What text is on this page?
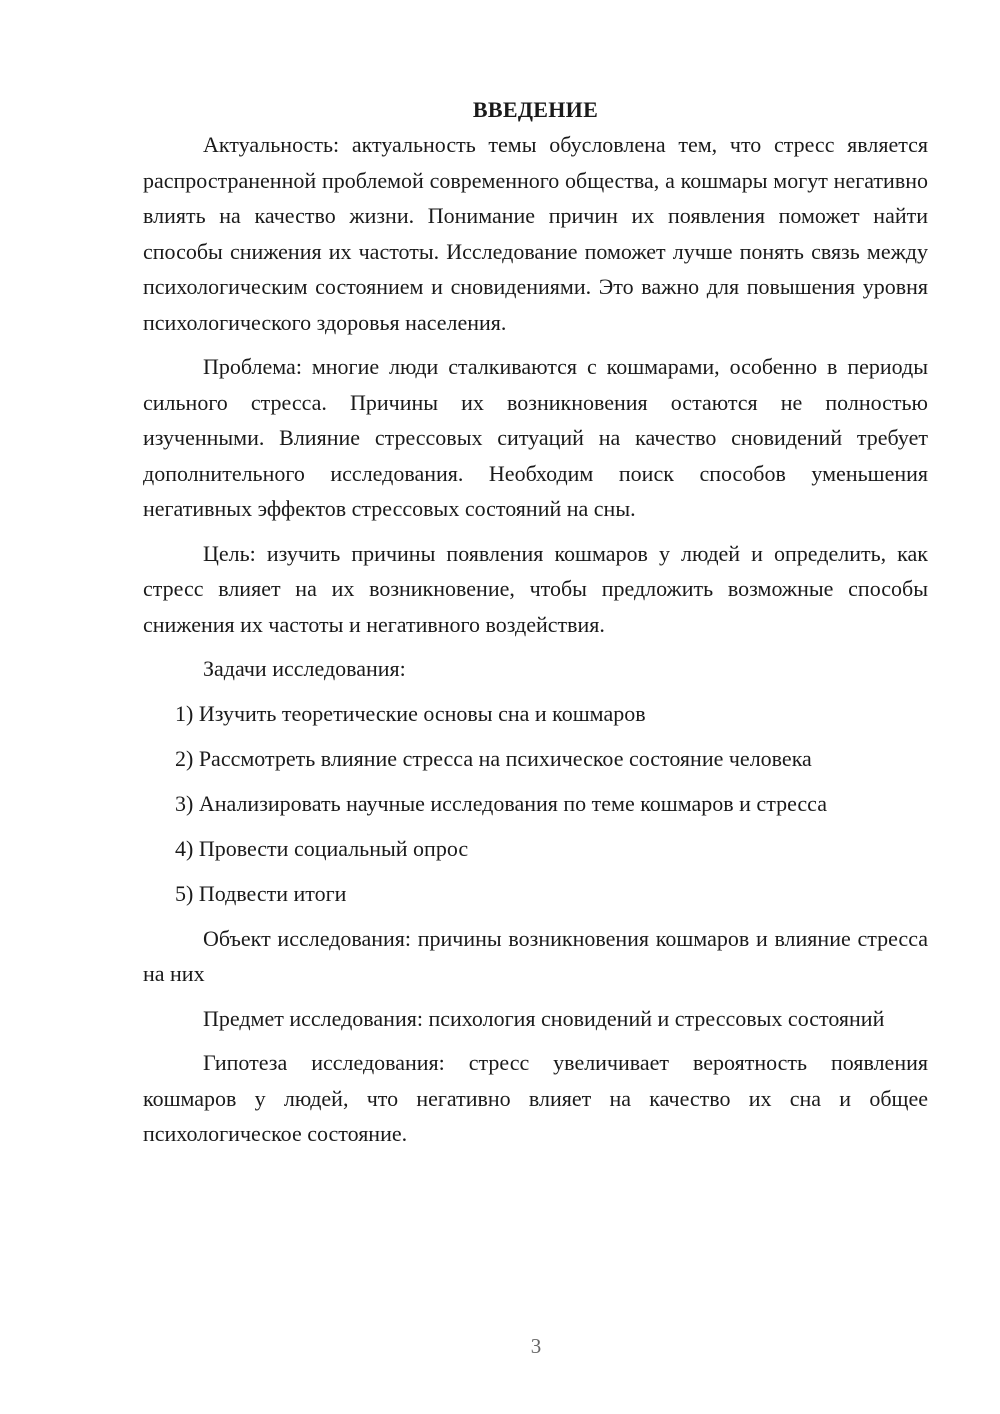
ВВЕДЕНИЕ

Актуальность: актуальность темы обусловлена тем, что стресс является распространенной проблемой современного общества, а кошмары могут негативно влиять на качество жизни. Понимание причин их появления поможет найти способы снижения их частоты. Исследование поможет лучше понять связь между психологическим состоянием и сновидениями. Это важно для повышения уровня психологического здоровья населения.

Проблема: многие люди сталкиваются с кошмарами, особенно в периоды сильного стресса. Причины их возникновения остаются не полностью изученными. Влияние стрессовых ситуаций на качество сновидений требует дополнительного исследования. Необходим поиск способов уменьшения негативных эффектов стрессовых состояний на сны.

Цель: изучить причины появления кошмаров у людей и определить, как стресс влияет на их возникновение, чтобы предложить возможные способы снижения их частоты и негативного воздействия.

Задачи исследования:

1) Изучить теоретические основы сна и кошмаров
2) Рассмотреть влияние стресса на психическое состояние человека
3) Анализировать научные исследования по теме кошмаров и стресса
4) Провести социальный опрос
5) Подвести итоги

Объект исследования: причины возникновения кошмаров и влияние стресса на них

Предмет исследования: психология сновидений и стрессовых состояний

Гипотеза исследования: стресс увеличивает вероятность появления кошмаров у людей, что негативно влияет на качество их сна и общее психологическое состояние.

3
